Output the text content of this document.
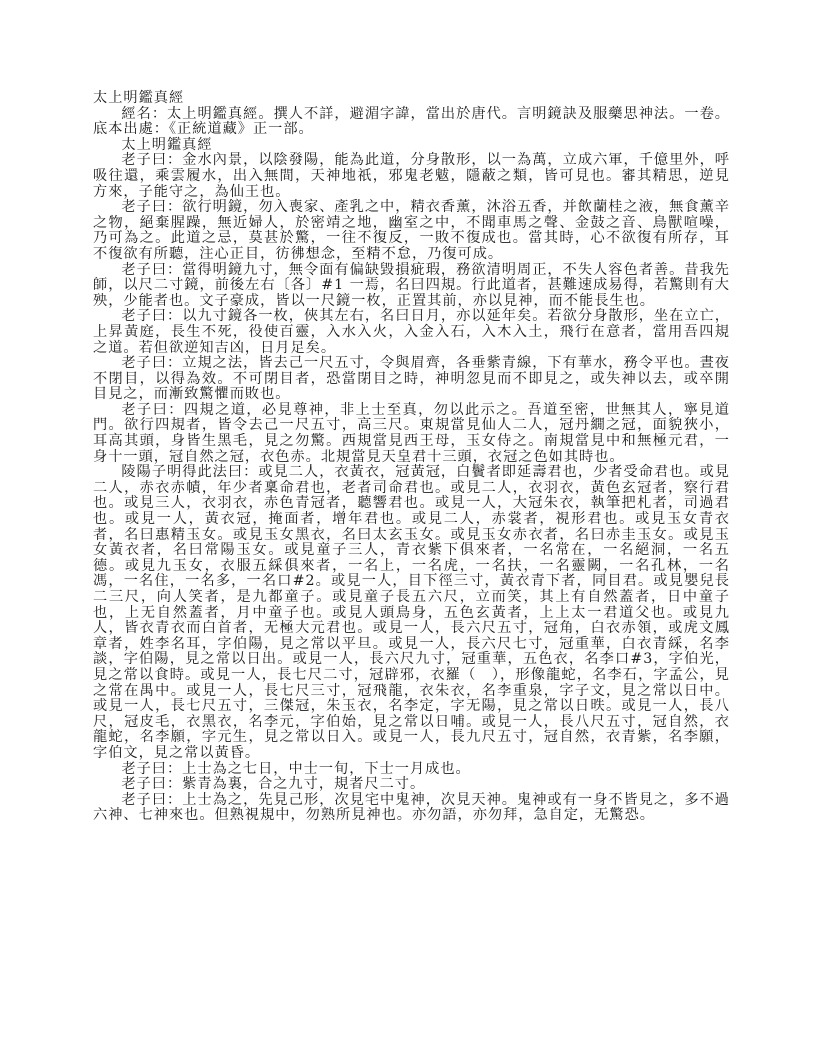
太上明鑑真經

經名：太上明鑑真經。撰人不詳，避湄字諱，當出於唐代。言明鏡訣及服藥思神法。一卷。底本出處：《正統道藏》正一部。

太上明鑑真經

老子曰：金水內景，以陰發陽，能為此道，分身散形，以一為萬，立成六軍，千億里外，呼吸往還，乘雲履水，出入無間，天神地祇，邪鬼老魃，隱蔽之類，皆可見也。審其精思，逆見方來，子能守之，為仙王也。

老子曰：欲行明鏡，勿入喪家、產乳之中，精衣香薰，沐浴五香，并飲蘭桂之液，無食薰辛之物，絕棄腥躁，無近婦人，於密靖之地，幽室之中，不聞車馬之聲、金鼓之音、鳥獸喧噪，乃可為之。此道之忌，莫甚於驚，一往不復反，一敗不復成也。當其時，心不欲復有所存，耳不復欲有所聽，注心正目，彷彿想念，至精不怠，乃復可成。

老子曰：當得明鏡九寸，無令面有偏缺毀損疵瑕，務欲清明周正，不失人容色者善。昔我先師，以尺二寸鏡，前後左右〔各〕#1 一焉，名曰四規。行此道者，甚難速成易得，若驚則有大殃，少能者也。文子豪成，皆以一尺鏡一枚，正置其前，亦以見神，而不能長生也。

老子曰：以九寸鏡各一枚，俠其左右，名曰日月，亦以延年矣。若欲分身散形，坐在立亡，上昇黃庭，長生不死，役使百靈，入水入火，入金入石，入木入土，飛行在意者，當用吾四規之道。若但欲逆知吉凶，日月足矣。

老子曰：立規之法，皆去己一尺五寸，令與眉齊，各垂紫青線，下有華水，務令平也。晝夜不閉目，以得為效。不可閉目者，恐當閉目之時，神明忽見而不即見之，或失神以去，或卒開目見之，而漸致驚懼而敗也。

老子曰：四規之道，必見尊神，非上士至真，勿以此示之。吾道至密，世無其人，寧見道門。欲行四規者，皆令去己一尺五寸，高三尺。東規當見仙人二人，冠丹繝之冠，面貌狹小，耳高其頭，身皆生黑毛，見之勿驚。西規當見西王母，玉女侍之。南規當見中和無極元君，一身十一頭，冠自然之冠，衣色赤。北規當見天皇君十三頭，衣冠之色如其時也。

陵陽子明得此法曰：或見二人，衣黃衣，冠黃冠，白鬢者即延壽君也，少者受命君也。或見二人，赤衣赤幘，年少者稟命君也，老者司命君也。或見二人，衣羽衣，黃色玄冠者，察行君也。或見三人，衣羽衣，赤色青冠者，聽響君也。或見一人，大冠朱衣，執筆把札者，司過君也。或見一人，黃衣冠，掩面者，增年君也。或見二人，赤裳者，視形君也。或見玉女青衣者，名曰惠精玉女。或見玉女黑衣，名曰太玄玉女。或見玉女赤衣者，名曰赤圭玉女。或見玉女黃衣者，名曰常陽玉女。或見童子三人，青衣紫下俱來者，一名常在，一名絕洞，一名五德。或見九玉女，衣服五綵俱來者，一名上，一名虎，一名扶，一名靈闕，一名孔林，一名馮，一名住，一名多，一名口#2。或見一人，目下徑三寸，黃衣青下者，同目君。或見嬰兒長二三尺，向人笑者，是九都童子。或見童子長五六尺，立而笑，其上有自然蓋者，日中童子也，上无自然蓋者，月中童子也。或見人頭鳥身，五色玄黃者，上上太一君道父也。或見九人，皆衣青衣而白首者，无極大元君也。或見一人，長六尺五寸，冠角，白衣赤領，或虎文鳳章者，姓李名耳，字伯陽，見之常以平旦。或見一人，長六尺七寸，冠重華，白衣青綵，名李談，字伯陽，見之常以日出。或見一人，長六尺九寸，冠重華，五色衣，名李口#3，字伯光，見之常以食時。或見一人，長七尺二寸，冠辟邪，衣羅（　），形像龍蛇，名李石，字孟公，見之常在禺中。或見一人，長七尺三寸，冠飛龍，衣朱衣，名李重泉，字子文，見之常以日中。或見一人，長七尺五寸，三傑冠，朱玉衣，名李定，字无陽，見之常以日昳。或見一人，長八尺，冠皮毛，衣黑衣，名李元，字伯始，見之常以日哺。或見一人，長八尺五寸，冠自然，衣龍蛇，名李願，字元生，見之常以日入。或見一人，長九尺五寸，冠自然，衣青紫，名李願，字伯文，見之常以黃昏。

老子曰：上士為之七日，中士一旬，下士一月成也。

老子曰：紫青為裏，合之九寸，規者尺二寸。

老子曰：上士為之，先見己形，次見宅中鬼神，次見天神。鬼神或有一身不皆見之，多不過六神、七神來也。但熟視規中，勿熟所見神也。亦勿語，亦勿拜，急自定，无驚恐。
